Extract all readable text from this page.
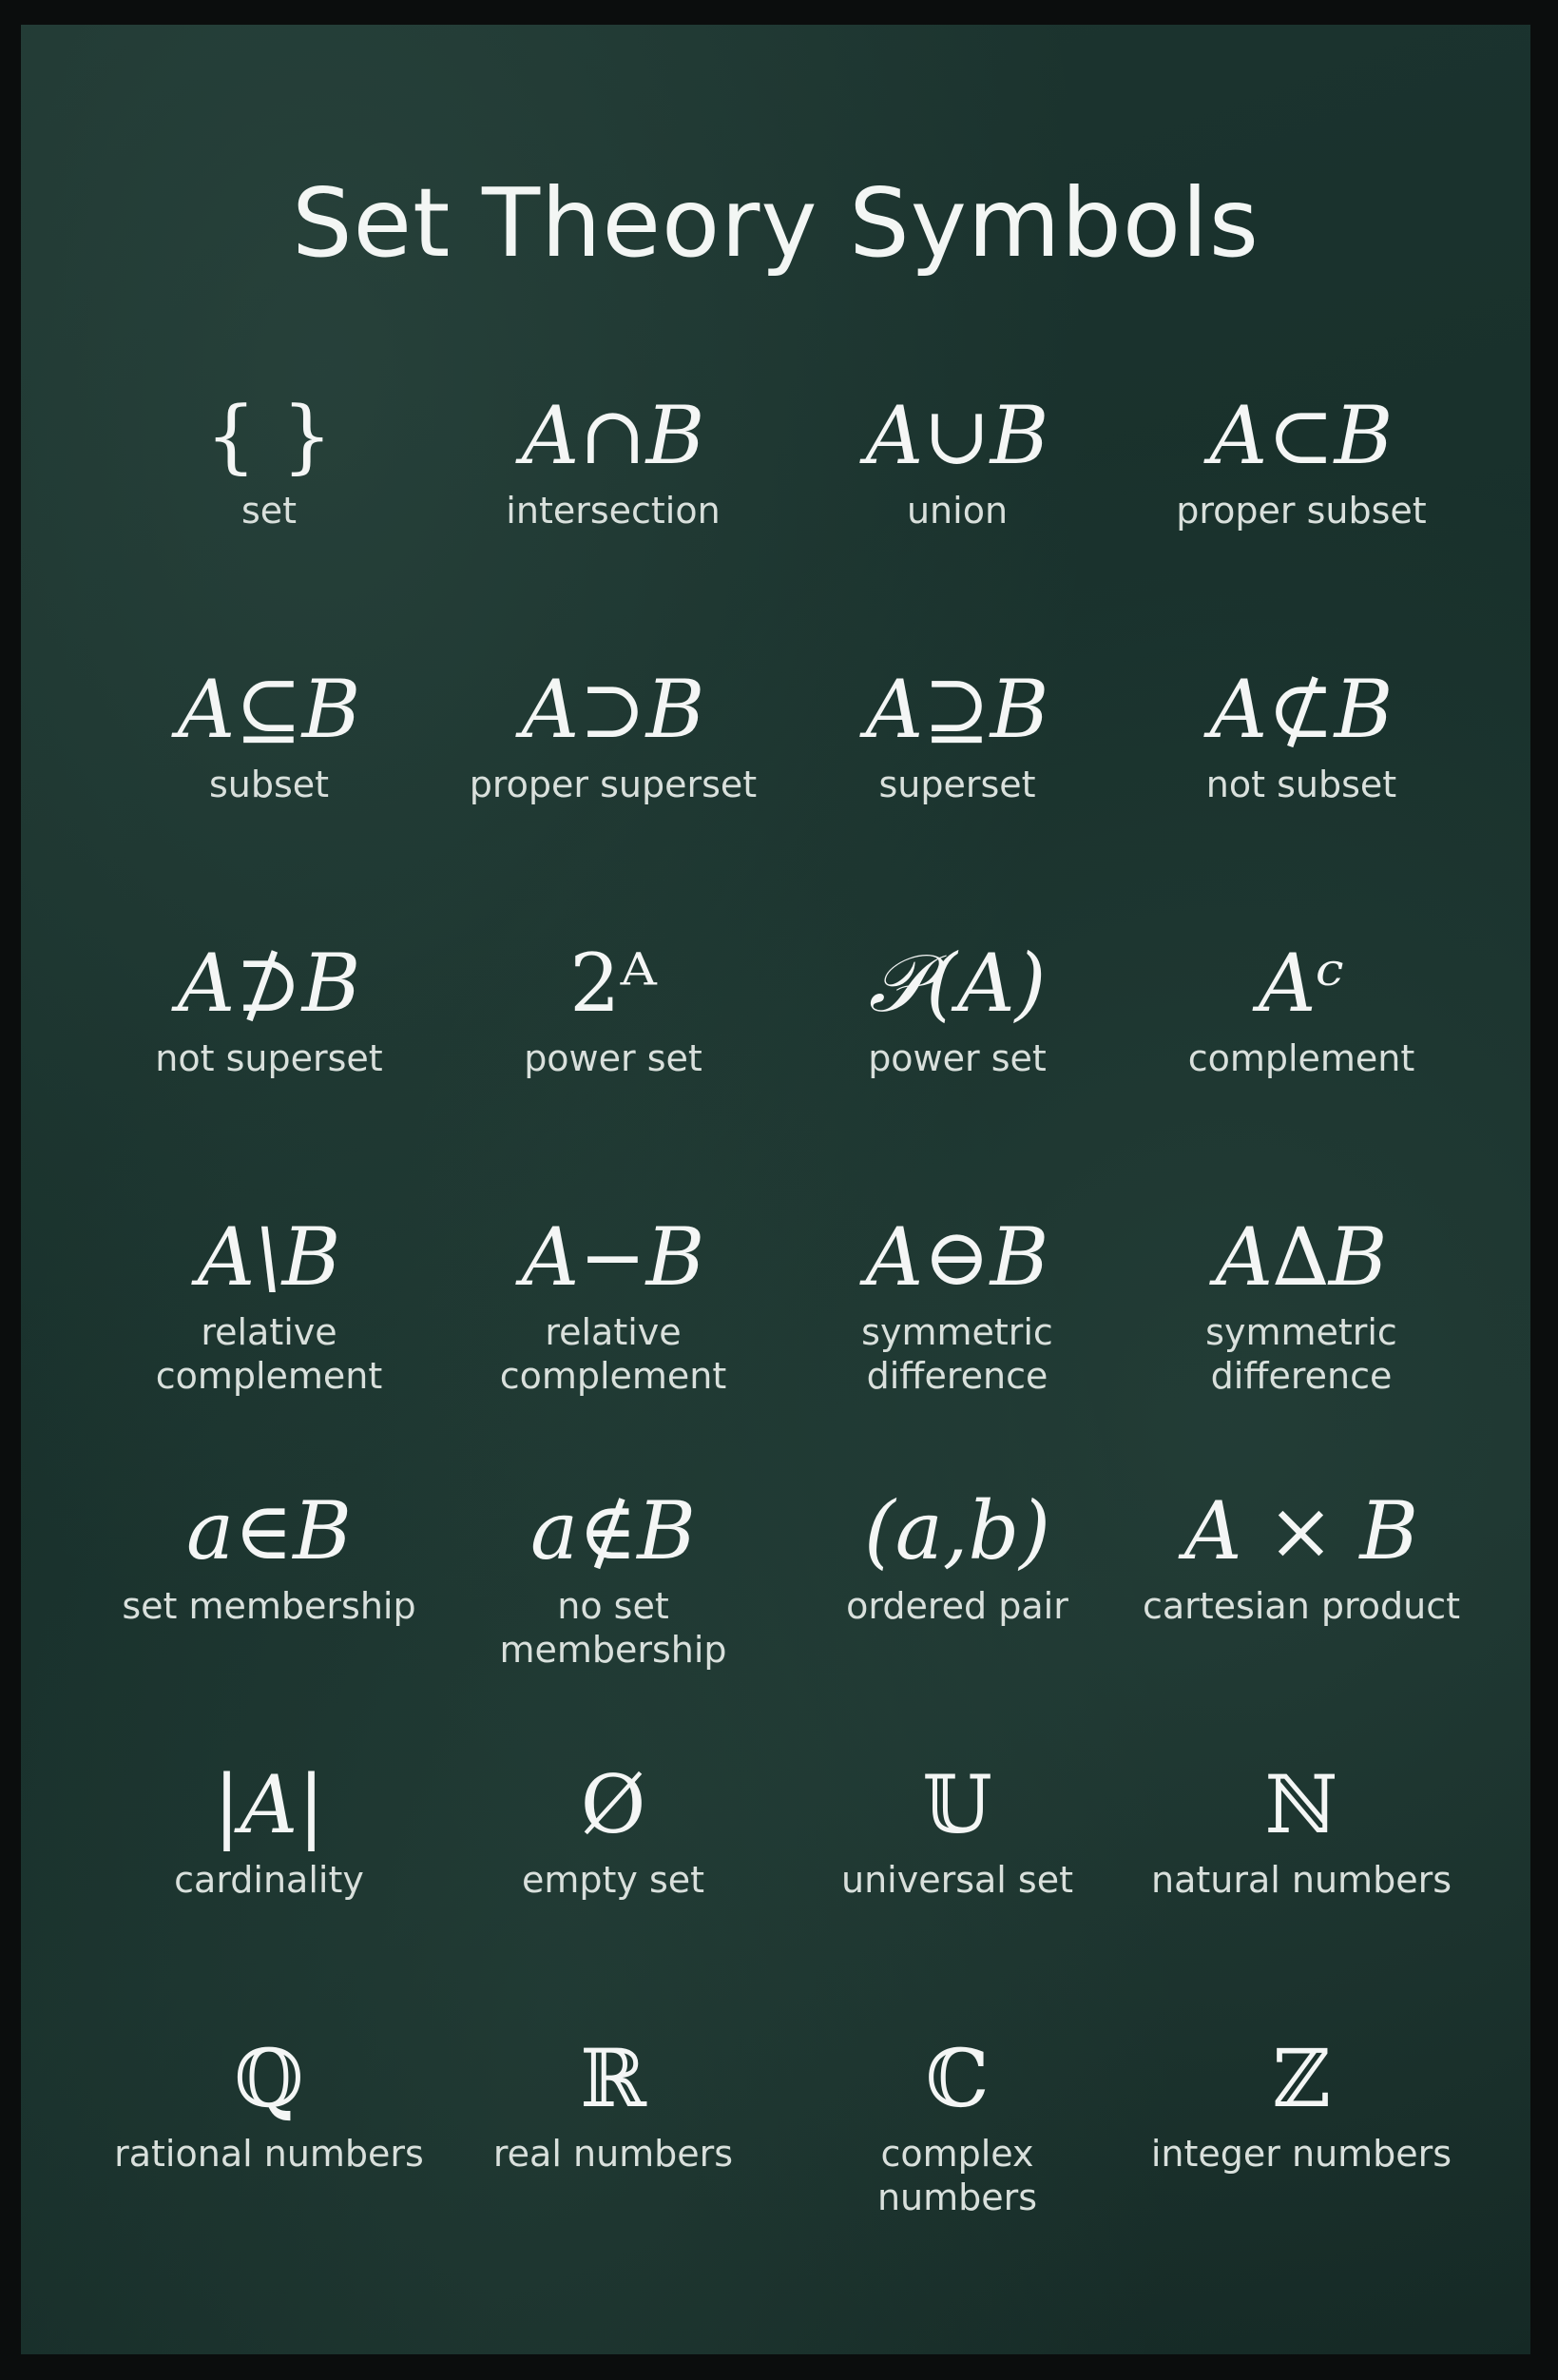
Set Theory Symbols
{ }
set
A∩B
intersection
A∪B
union
A⊂B
proper subset
A⊆B
subset
A⊃B
proper superset
A⊇B
superset
A⊄B
not subset
A⊅B
not superset
2ᴬ
power set
𝒫(A)
power set
Aᶜ
complement
A\B
relative complement
A−B
relative complement
A⊖B
symmetric difference
A∆B
symmetric difference
a∈B
set membership
a∉B
no set membership
(a,b)
ordered pair
A × B
cartesian product
|A|
cardinality
Ø
empty set
𝕌
universal set
ℕ
natural numbers
ℚ
rational numbers
ℝ
real numbers
ℂ
complex numbers
ℤ
integer numbers
